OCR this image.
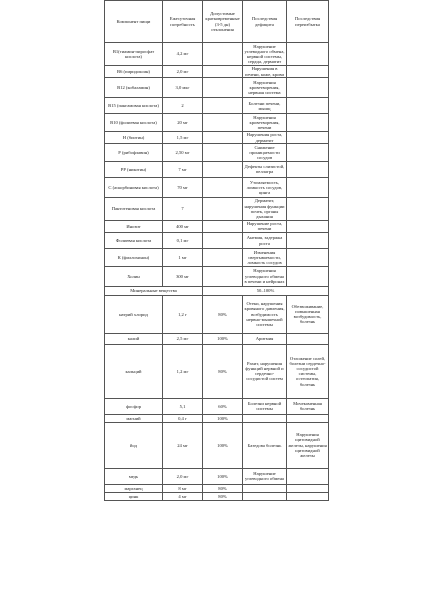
Компонент пищи	Ежесуточная потребность	Допустимые кратковременные (3-5 дн) отклонения	Последствия дефицита	Последствия переизбытка
В1(тиамин-пиросфат кислота)	4,2 мг		Нарушение углеводного обмена, нервной системы, сердца, дерматит	
В6 (пиридоксин)	2,0 мг		Нарушения в печени, коже, крови	
В12 (кобаламин)	3,0 мкг		Нарушения кроветворения, нервная система	
В15 (пангамовая кислота)	2		Болезни печени, мышц	
В10 (фолиевая кислота)	20 мг		Нарушения кроветворения, печени	
Н (биотин)	1,5 мг		Нарушения роста, дерматит	
Р (рибофлавин)	2,50 мг		Снижение проницаемости сосудов	
РР (никотин)	7 мг		Дефекты слизистой, пеллагра	
С (аскорбиновая кислота)	70 мг		Утомляемость, ломкость сосудов, цинга	
Пантотеновая кислота	7		Дерматит, нарушения функции почек, органы дыхания	
Инозит	400 мг		Нарушение роста, печени	
Фолиевая кислота	0,1 мг		Анемия, задержка роста	
К (филлохинон)	1 мг		Изменения свертываемости, ломкость сосудов	
Холин	300 мг		Нарушения углеводного обмена в печени и нейронах	
Минеральные вещества		50–100%		
натрий хлорид	1,2 г	80%	Отеки, нарушения кровяного давления, возбудимость нервно-мышечной системы	Обезвоживание, повышенная возбудимость, болезнь
калий	2,5 мг	100%	Аритмия	
кальций	1,2 мг	80%	Рахит, нарушения функций нервной и сердечно-сосудистой систем	Отложение солей, болезни сердечно-сосудистой системы, остеопатия, болезнь
фосфор	5,1	60%	Болезни нервной системы	Мочекаменная болезнь
магний	0,4 г	100%		
йод	24 мг	100%	Базедова болезнь	Нарушения щитовидной железы, нарушения щитовидной железы
медь	2,0 мг	100%	Нарушение углеводного обмена	
марганец	8 мг	80%		
цинк	4 мг	80%		
